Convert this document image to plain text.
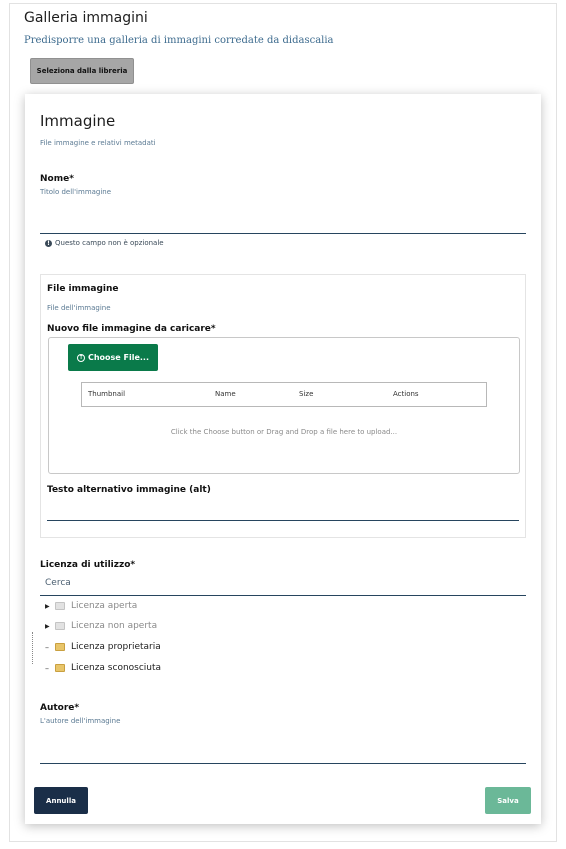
Galleria immagini
Predisporre una galleria di immagini corredate da didascalia
Seleziona dalla libreria
Immagine
File immagine e relativi metadati
Nome*
Titolo dell'immagine
! Questo campo non è opzionale
File immagine
File dell'immagine
Nuovo file immagine da caricare*
↑ Choose File...
Thumbnail	Name	Size	Actions
Click the Choose button or Drag and Drop a file here to upload...
Testo alternativo immagine (alt)
Licenza di utilizzo*
Cerca
▶	Licenza aperta
▶	Licenza non aperta
–	Licenza proprietaria
–	Licenza sconosciuta
Autore*
L'autore dell'immagine
Annulla	Salva
